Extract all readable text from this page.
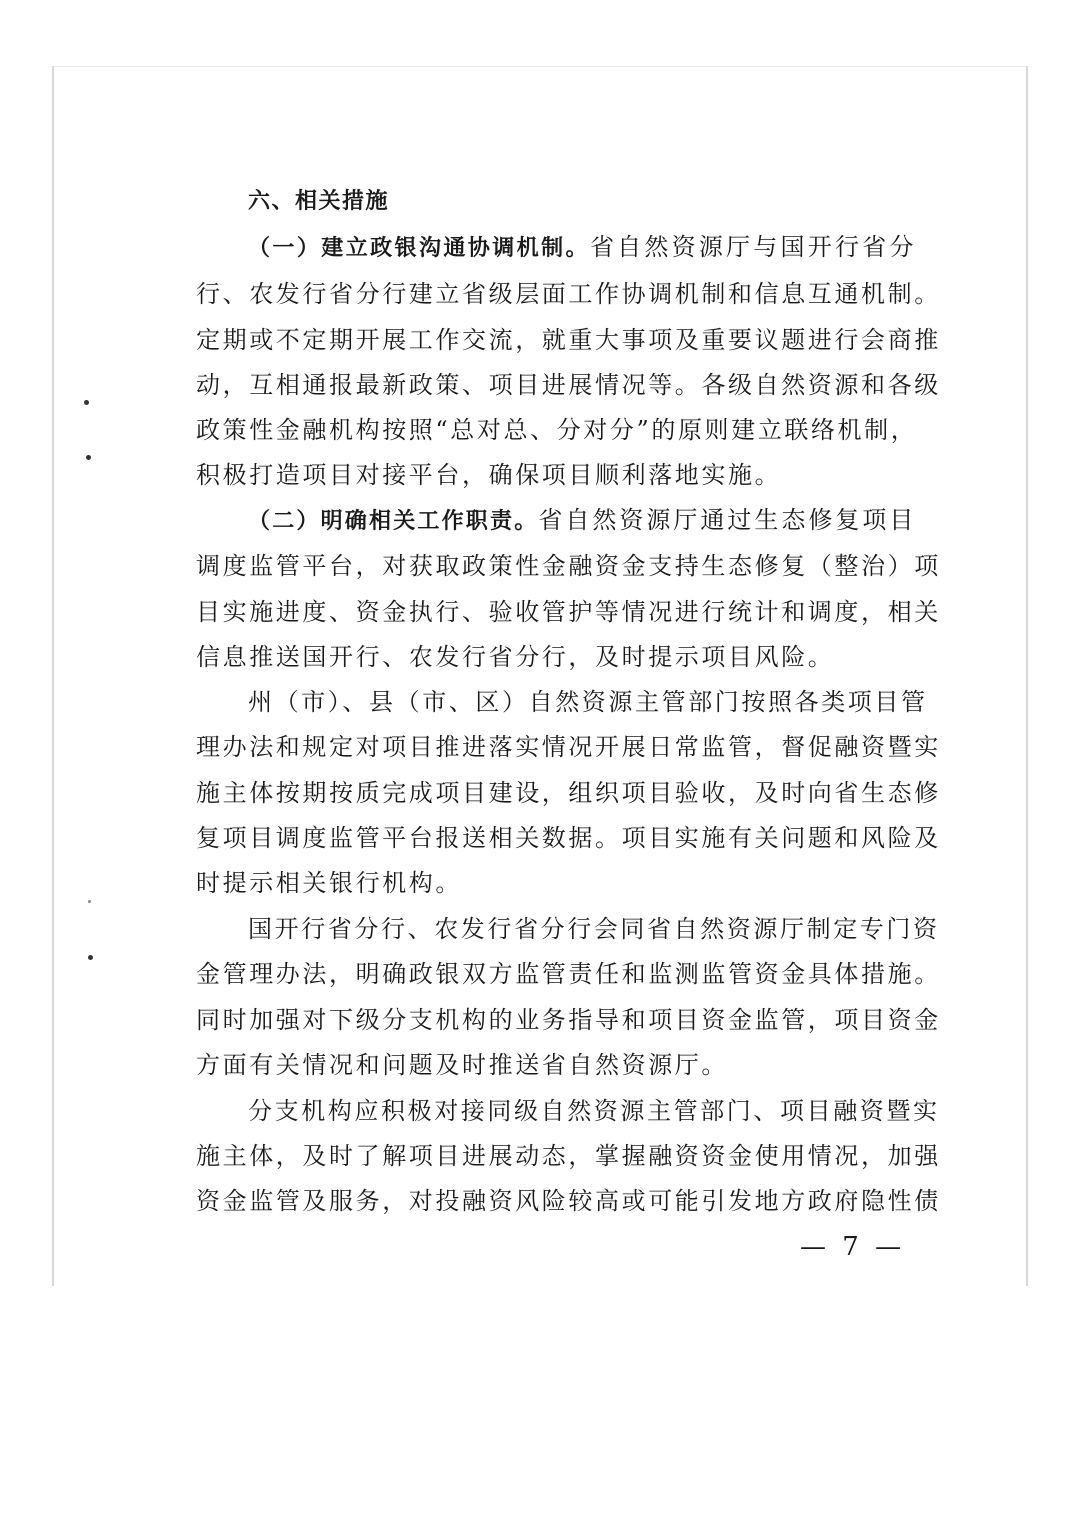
六、相关措施
（一）建立政银沟通协调机制。省自然资源厅与国开行省分
行、农发行省分行建立省级层面工作协调机制和信息互通机制。
定期或不定期开展工作交流，就重大事项及重要议题进行会商推
动，互相通报最新政策、项目进展情况等。各级自然资源和各级
政策性金融机构按照“总对总、分对分”的原则建立联络机制，
积极打造项目对接平台，确保项目顺利落地实施。
（二）明确相关工作职责。省自然资源厅通过生态修复项目
调度监管平台，对获取政策性金融资金支持生态修复（整治）项
目实施进度、资金执行、验收管护等情况进行统计和调度，相关
信息推送国开行、农发行省分行，及时提示项目风险。
州（市）、县（市、区）自然资源主管部门按照各类项目管
理办法和规定对项目推进落实情况开展日常监管，督促融资暨实
施主体按期按质完成项目建设，组织项目验收，及时向省生态修
复项目调度监管平台报送相关数据。项目实施有关问题和风险及
时提示相关银行机构。
国开行省分行、农发行省分行会同省自然资源厅制定专门资
金管理办法，明确政银双方监管责任和监测监管资金具体措施。
同时加强对下级分支机构的业务指导和项目资金监管，项目资金
方面有关情况和问题及时推送省自然资源厅。
分支机构应积极对接同级自然资源主管部门、项目融资暨实
施主体，及时了解项目进展动态，掌握融资资金使用情况，加强
资金监管及服务，对投融资风险较高或可能引发地方政府隐性债
— 7 —
